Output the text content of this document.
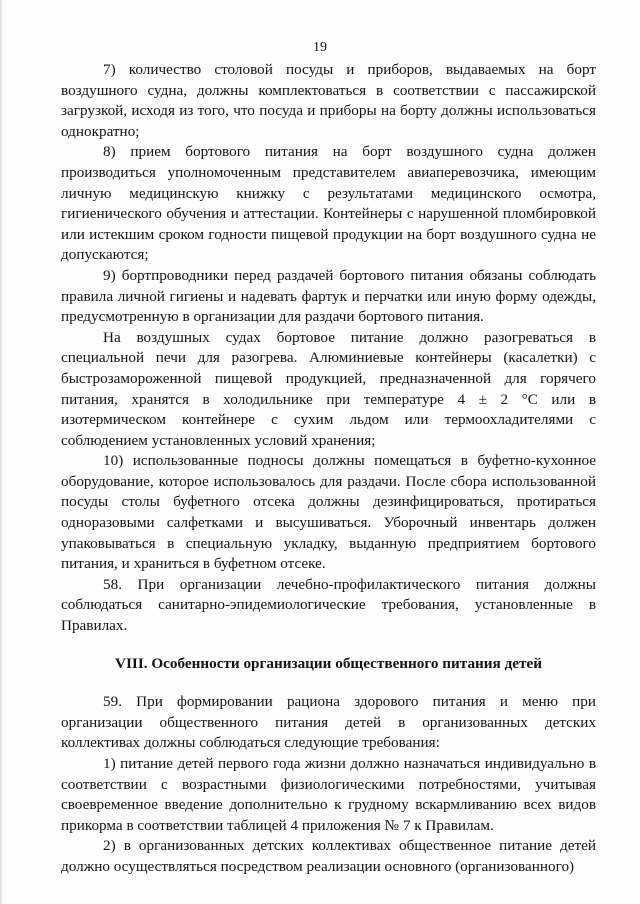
19

7) количество столовой посуды и приборов, выдаваемых на борт воздушного судна, должны комплектоваться в соответствии с пассажирской загрузкой, исходя из того, что посуда и приборы на борту должны использоваться однократно;

8) прием бортового питания на борт воздушного судна должен производиться уполномоченным представителем авиаперевозчика, имеющим личную медицинскую книжку с результатами медицинского осмотра, гигиенического обучения и аттестации. Контейнеры с нарушенной пломбировкой или истекшим сроком годности пищевой продукции на борт воздушного судна не допускаются;

9) бортпроводники перед раздачей бортового питания обязаны соблюдать правила личной гигиены и надевать фартук и перчатки или иную форму одежды, предусмотренную в организации для раздачи бортового питания.

На воздушных судах бортовое питание должно разогреваться в специальной печи для разогрева. Алюминиевые контейнеры (касалетки) с быстрозамороженной пищевой продукцией, предназначенной для горячего питания, хранятся в холодильнике при температуре 4 ± 2 °C или в изотермическом контейнере с сухим льдом или термоохладителями с соблюдением установленных условий хранения;

10) использованные подносы должны помещаться в буфетно-кухонное оборудование, которое использовалось для раздачи. После сбора использованной посуды столы буфетного отсека должны дезинфицироваться, протираться одноразовыми салфетками и высушиваться. Уборочный инвентарь должен упаковываться в специальную укладку, выданную предприятием бортового питания, и храниться в буфетном отсеке.

58. При организации лечебно-профилактического питания должны соблюдаться санитарно-эпидемиологические требования, установленные в Правилах.

VIII. Особенности организации общественного питания детей

59. При формировании рациона здорового питания и меню при организации общественного питания детей в организованных детских коллективах должны соблюдаться следующие требования:

1) питание детей первого года жизни должно назначаться индивидуально в соответствии с возрастными физиологическими потребностями, учитывая своевременное введение дополнительно к грудному вскармливанию всех видов прикорма в соответствии таблицей 4 приложения № 7 к Правилам.

2) в организованных детских коллективах общественное питание детей должно осуществляться посредством реализации основного (организованного)
